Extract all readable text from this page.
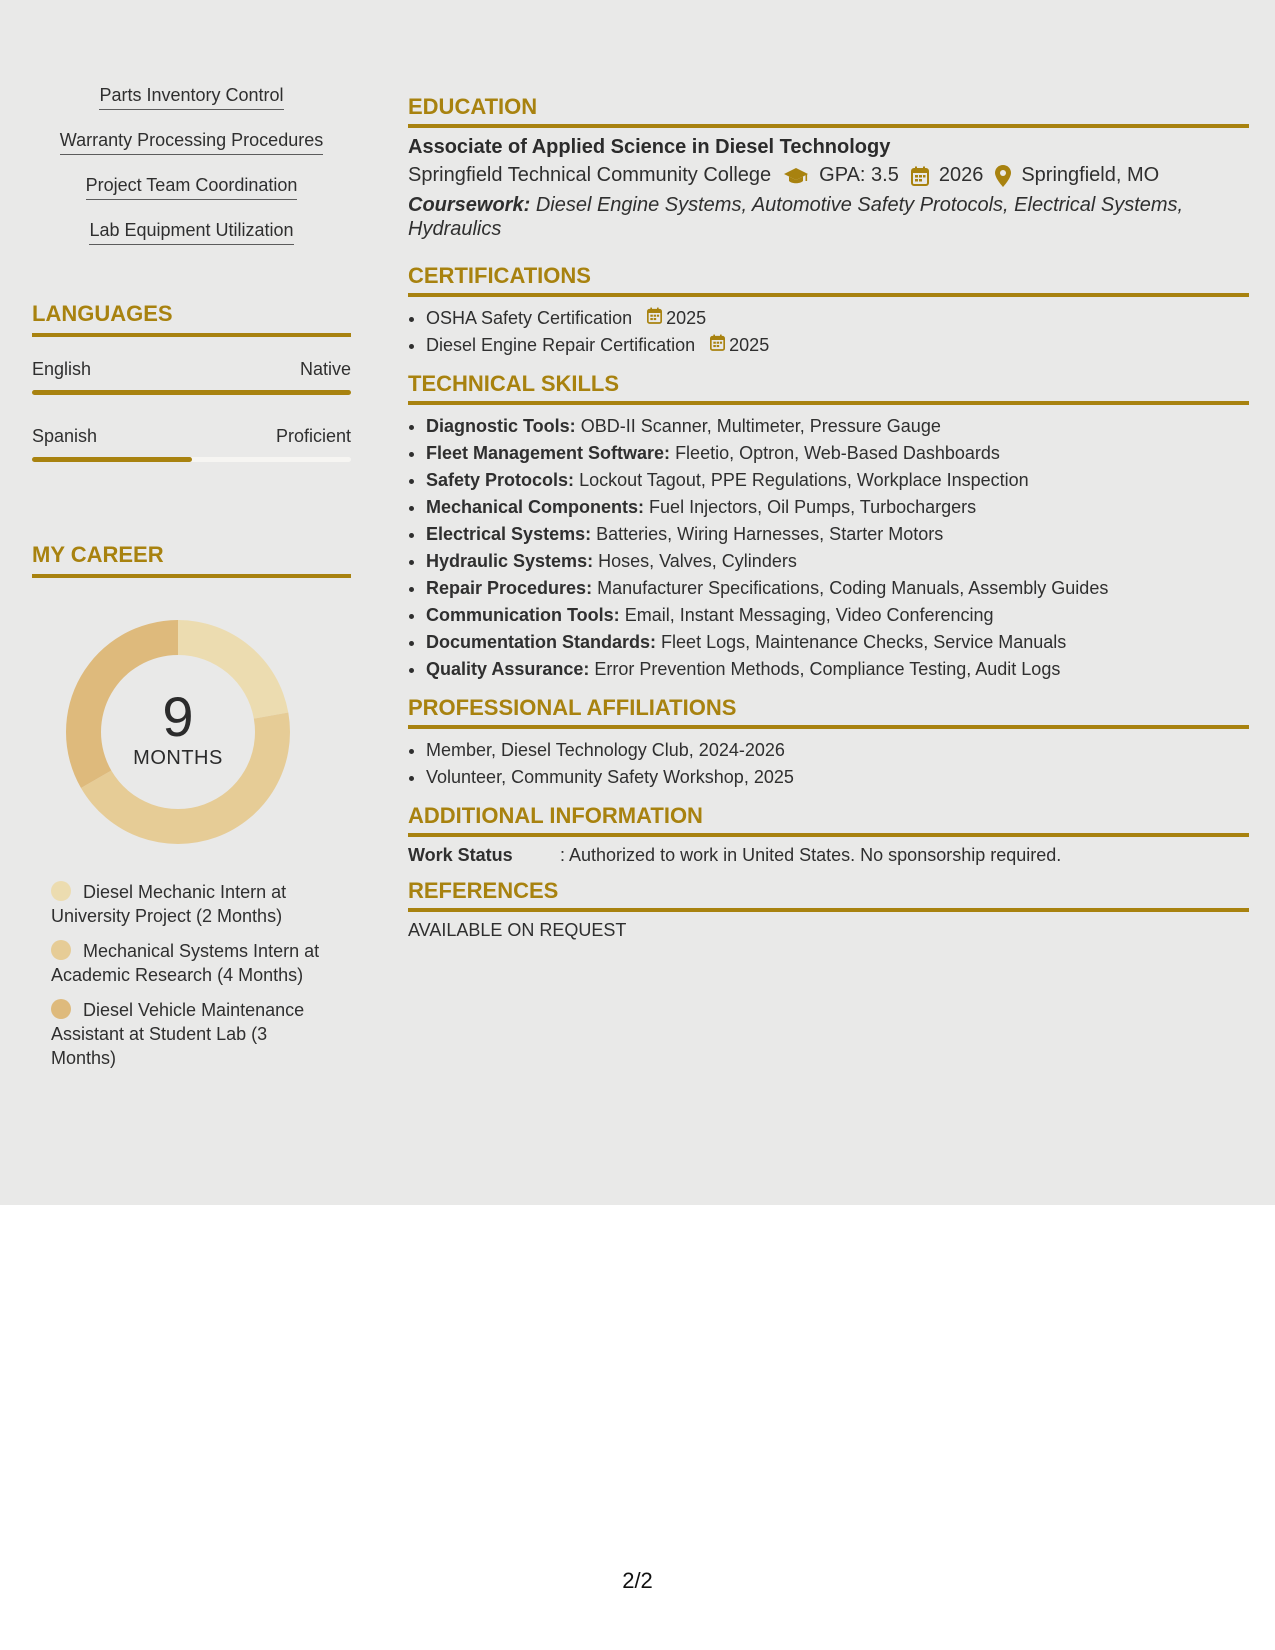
Parts Inventory Control
Warranty Processing Procedures
Project Team Coordination
Lab Equipment Utilization
LANGUAGES
English	Native
Spanish	Proficient
MY CAREER
9
MONTHS
Diesel Mechanic Intern at University Project (2 Months)
Mechanical Systems Intern at Academic Research (4 Months)
Diesel Vehicle Maintenance Assistant at Student Lab (3 Months)
EDUCATION
Associate of Applied Science in Diesel Technology
Springfield Technical Community College GPA: 3.5 2026 Springfield, MO
Coursework: Diesel Engine Systems, Automotive Safety Protocols, Electrical Systems, Hydraulics
CERTIFICATIONS
• OSHA Safety Certification 2025
• Diesel Engine Repair Certification 2025
TECHNICAL SKILLS
• Diagnostic Tools: OBD-II Scanner, Multimeter, Pressure Gauge
• Fleet Management Software: Fleetio, Optron, Web-Based Dashboards
• Safety Protocols: Lockout Tagout, PPE Regulations, Workplace Inspection
• Mechanical Components: Fuel Injectors, Oil Pumps, Turbochargers
• Electrical Systems: Batteries, Wiring Harnesses, Starter Motors
• Hydraulic Systems: Hoses, Valves, Cylinders
• Repair Procedures: Manufacturer Specifications, Coding Manuals, Assembly Guides
• Communication Tools: Email, Instant Messaging, Video Conferencing
• Documentation Standards: Fleet Logs, Maintenance Checks, Service Manuals
• Quality Assurance: Error Prevention Methods, Compliance Testing, Audit Logs
PROFESSIONAL AFFILIATIONS
• Member, Diesel Technology Club, 2024-2026
• Volunteer, Community Safety Workshop, 2025
ADDITIONAL INFORMATION
Work Status	: Authorized to work in United States. No sponsorship required.
REFERENCES
AVAILABLE ON REQUEST
2/2
